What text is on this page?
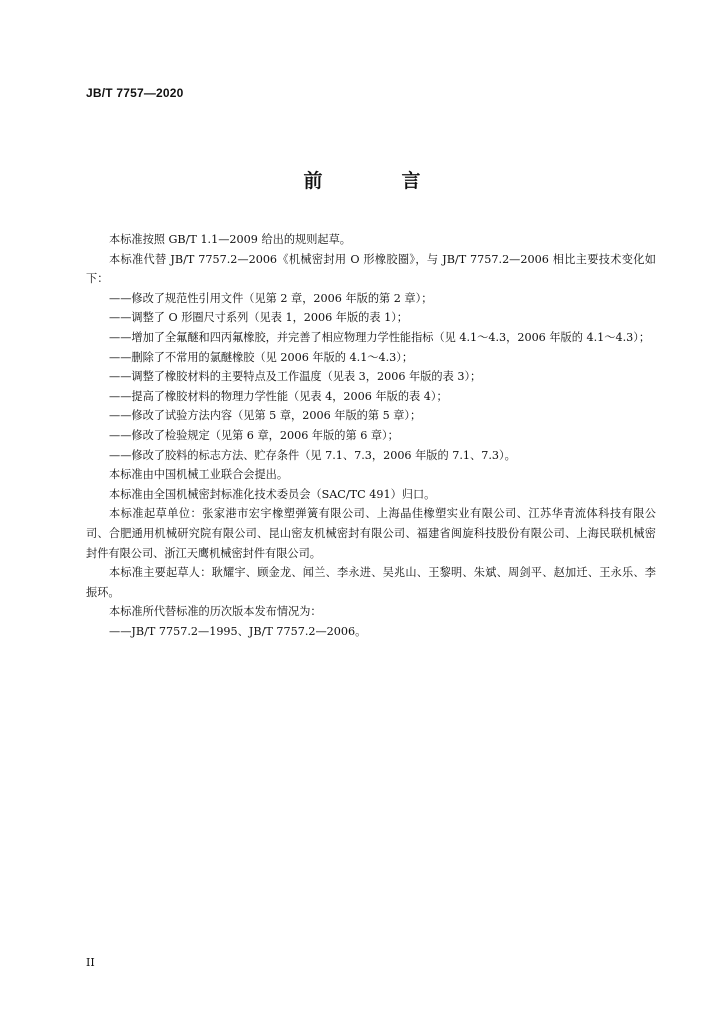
JB/T 7757—2020
前　言

本标准按照 GB/T 1.1—2009 给出的规则起草。

本标准代替 JB/T 7757.2—2006《机械密封用 O 形橡胶圈》，与 JB/T 7757.2—2006 相比主要技术变化如下：

——修改了规范性引用文件（见第 2 章，2006 年版的第 2 章）；

——调整了 O 形圈尺寸系列（见表 1，2006 年版的表 1）；

——增加了全氟醚和四丙氟橡胶，并完善了相应物理力学性能指标（见 4.1～4.3，2006 年版的 4.1～4.3）；

——删除了不常用的氯醚橡胶（见 2006 年版的 4.1～4.3）；

——调整了橡胶材料的主要特点及工作温度（见表 3，2006 年版的表 3）；

——提高了橡胶材料的物理力学性能（见表 4，2006 年版的表 4）；

——修改了试验方法内容（见第 5 章，2006 年版的第 5 章）；

——修改了检验规定（见第 6 章，2006 年版的第 6 章）；

——修改了胶料的标志方法、贮存条件（见 7.1、7.3，2006 年版的 7.1、7.3）。

本标准由中国机械工业联合会提出。

本标准由全国机械密封标准化技术委员会（SAC/TC 491）归口。

本标准起草单位：张家港市宏宇橡塑弹簧有限公司、上海晶佳橡塑实业有限公司、江苏华青流体科技有限公司、合肥通用机械研究院有限公司、昆山密友机械密封有限公司、福建省闽旋科技股份有限公司、上海民联机械密封件有限公司、浙江天鹰机械密封件有限公司。

本标准主要起草人：耿耀宇、顾金龙、闻兰、李永进、吴兆山、王黎明、朱斌、周剑平、赵加迁、王永乐、李振环。

本标准所代替标准的历次版本发布情况为：

——JB/T 7757.2—1995、JB/T 7757.2—2006。

II
